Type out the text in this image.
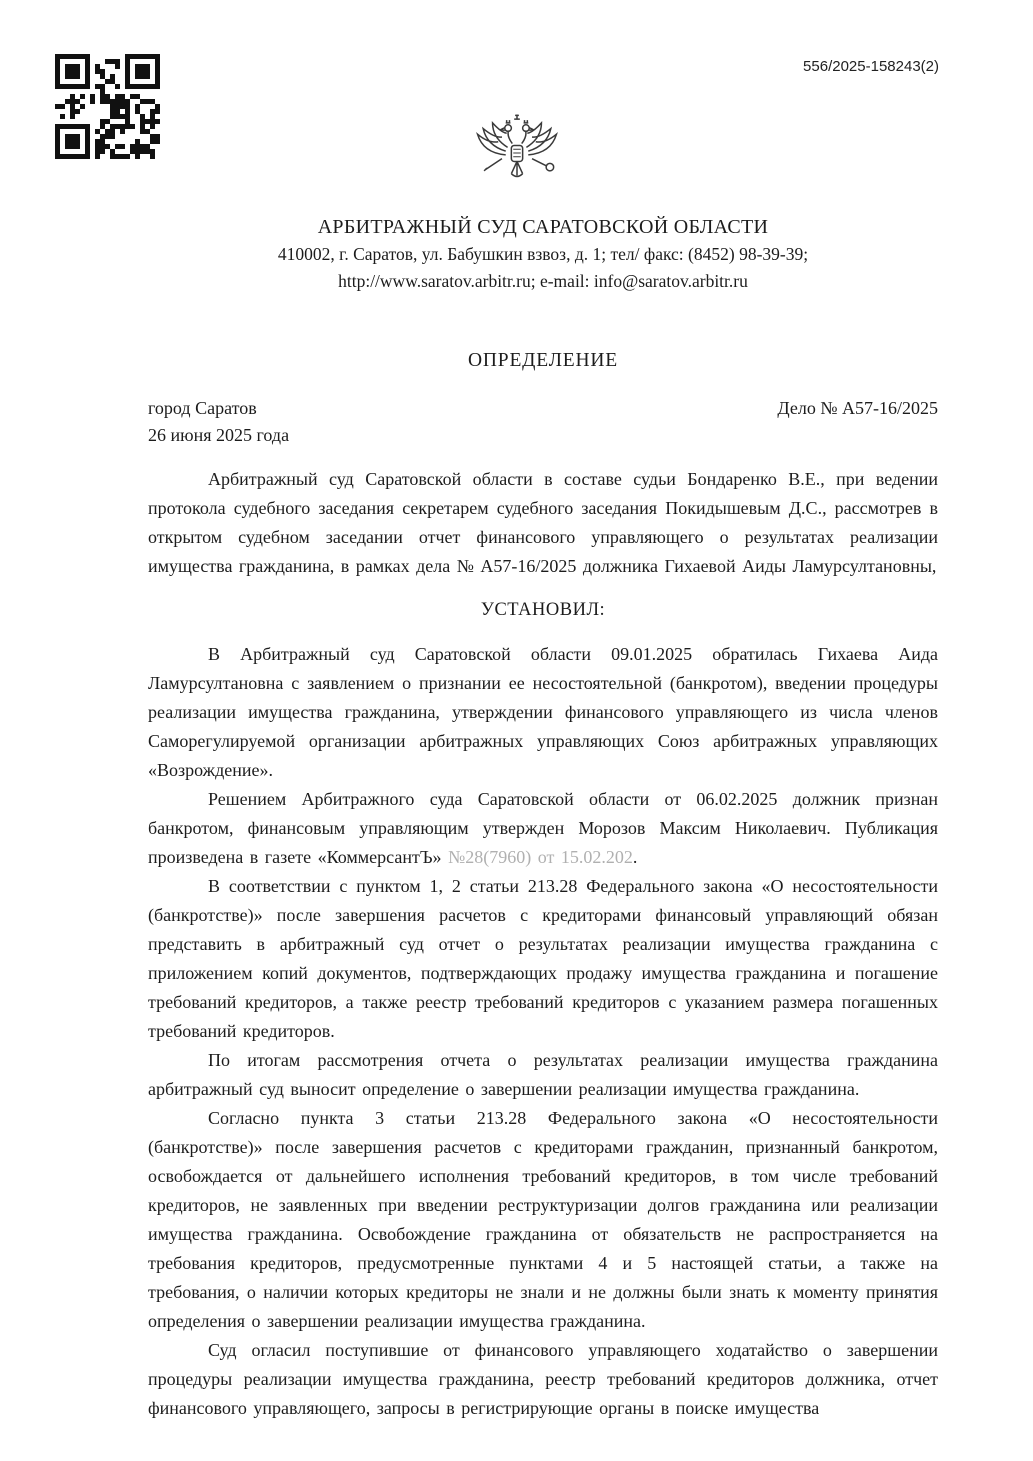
556/2025-158243(2)
АРБИТРАЖНЫЙ СУД САРАТОВСКОЙ ОБЛАСТИ
410002, г. Саратов, ул. Бабушкин взвоз, д. 1; тел/ факс: (8452) 98-39-39;
http://www.saratov.arbitr.ru; e-mail: info@saratov.arbitr.ru
ОПРЕДЕЛЕНИЕ
город Саратов	Дело № А57-16/2025
26 июня 2025 года

Арбитражный суд Саратовской области в составе судьи Бондаренко В.Е., при ведении протокола судебного заседания секретарем судебного заседания Покидышевым Д.С., рассмотрев в открытом судебном заседании отчет финансового управляющего о результатах реализации имущества гражданина, в рамках дела № А57-16/2025 должника Гихаевой Аиды Ламурсултановны,

УСТАНОВИЛ:

В Арбитражный суд Саратовской области 09.01.2025 обратилась Гихаева Аида Ламурсултановна с заявлением о признании ее несостоятельной (банкротом), введении процедуры реализации имущества гражданина, утверждении финансового управляющего из числа членов Саморегулируемой организации арбитражных управляющих Союз арбитражных управляющих «Возрождение».

Решением Арбитражного суда Саратовской области от 06.02.2025 должник признан банкротом, финансовым управляющим утвержден Морозов Максим Николаевич. Публикация произведена в газете «КоммерсантЪ» №28(7960) от 15.02.202.

В соответствии с пунктом 1, 2 статьи 213.28 Федерального закона «О несостоятельности (банкротстве)» после завершения расчетов с кредиторами финансовый управляющий обязан представить в арбитражный суд отчет о результатах реализации имущества гражданина с приложением копий документов, подтверждающих продажу имущества гражданина и погашение требований кредиторов, а также реестр требований кредиторов с указанием размера погашенных требований кредиторов.

По итогам рассмотрения отчета о результатах реализации имущества гражданина арбитражный суд выносит определение о завершении реализации имущества гражданина.

Согласно пункта 3 статьи 213.28 Федерального закона «О несостоятельности (банкротстве)» после завершения расчетов с кредиторами гражданин, признанный банкротом, освобождается от дальнейшего исполнения требований кредиторов, в том числе требований кредиторов, не заявленных при введении реструктуризации долгов гражданина или реализации имущества гражданина. Освобождение гражданина от обязательств не распространяется на требования кредиторов, предусмотренные пунктами 4 и 5 настоящей статьи, а также на требования, о наличии которых кредиторы не знали и не должны были знать к моменту принятия определения о завершении реализации имущества гражданина.

Суд огласил поступившие от финансового управляющего ходатайство о завершении процедуры реализации имущества гражданина, реестр требований кредиторов должника, отчет финансового управляющего, запросы в регистрирующие органы в поиске имущества
